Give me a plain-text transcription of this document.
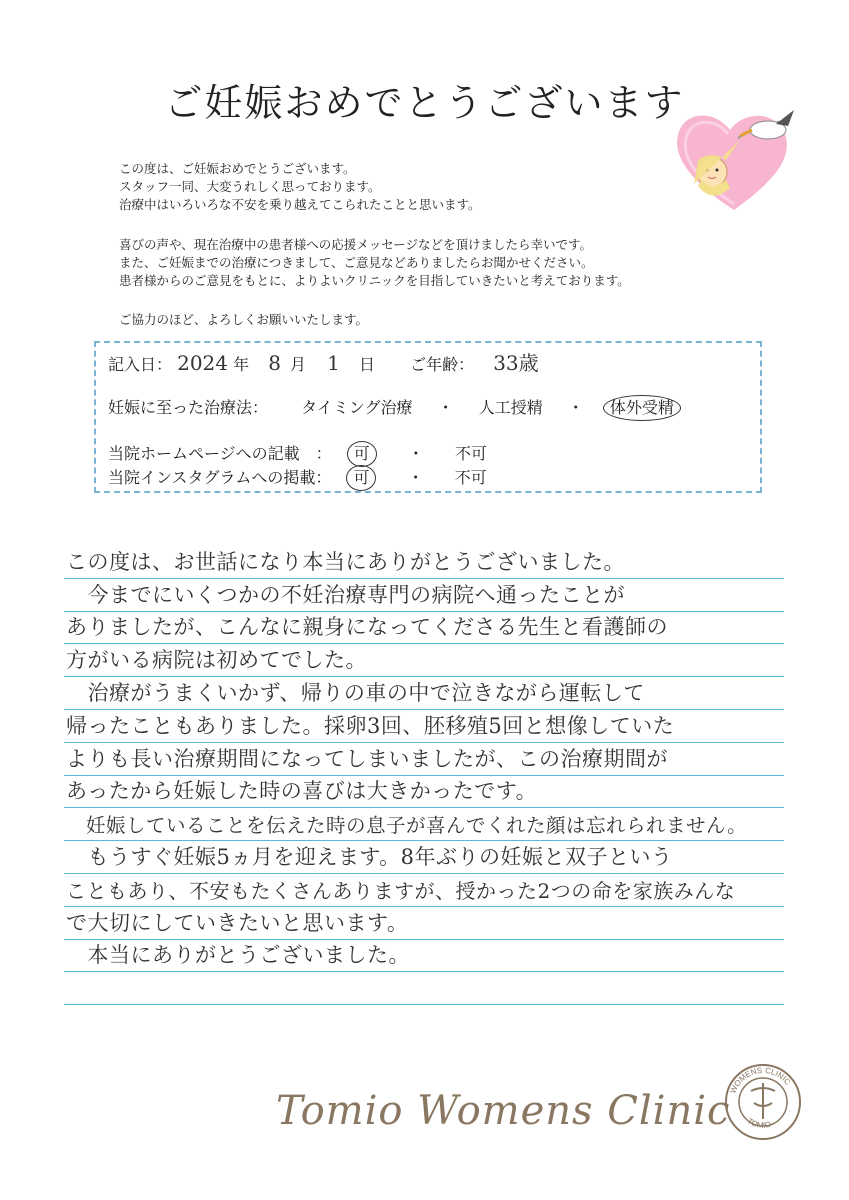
ご妊娠おめでとうございます
この度は、ご妊娠おめでとうございます。
スタッフ一同、大変うれしく思っております。
治療中はいろいろな不安を乗り越えてこられたことと思います。
喜びの声や、現在治療中の患者様への応援メッセージなどを頂けましたら幸いです。
また、ご妊娠までの治療につきまして、ご意見などありましたらお聞かせください。
患者様からのご意見をもとに、よりよいクリニックを目指していきたいと考えております。
ご協力のほど、よろしくお願いいたします。
記入日： 2024 年 8 月 1 日 ご年齢： 33歳
妊娠に至った治療法： タイミング治療 ・ 人工授精 ・ 体外受精
当院ホームページへの記載　： 可 ・ 不可
当院インスタグラムへの掲載： 可 ・ 不可
この度は、お世話になり本当にありがとうございました。
　今までにいくつかの不妊治療専門の病院へ通ったことが
ありましたが、こんなに親身になってくださる先生と看護師の
方がいる病院は初めてでした。
　治療がうまくいかず、帰りの車の中で泣きながら運転して
帰ったこともありました。採卵3回、胚移殖5回と想像していた
よりも長い治療期間になってしまいましたが、この治療期間が
あったから妊娠した時の喜びは大きかったです。
　妊娠していることを伝えた時の息子が喜んでくれた顔は忘れられません。
　もうすぐ妊娠5ヵ月を迎えます。8年ぶりの妊娠と双子という
こともあり、不安もたくさんありますが、授かった2つの命を家族みんな
で大切にしていきたいと思います。
　本当にありがとうございました。
Tomio Womens Clinic
WOMENS CLINIC
TOMIO
